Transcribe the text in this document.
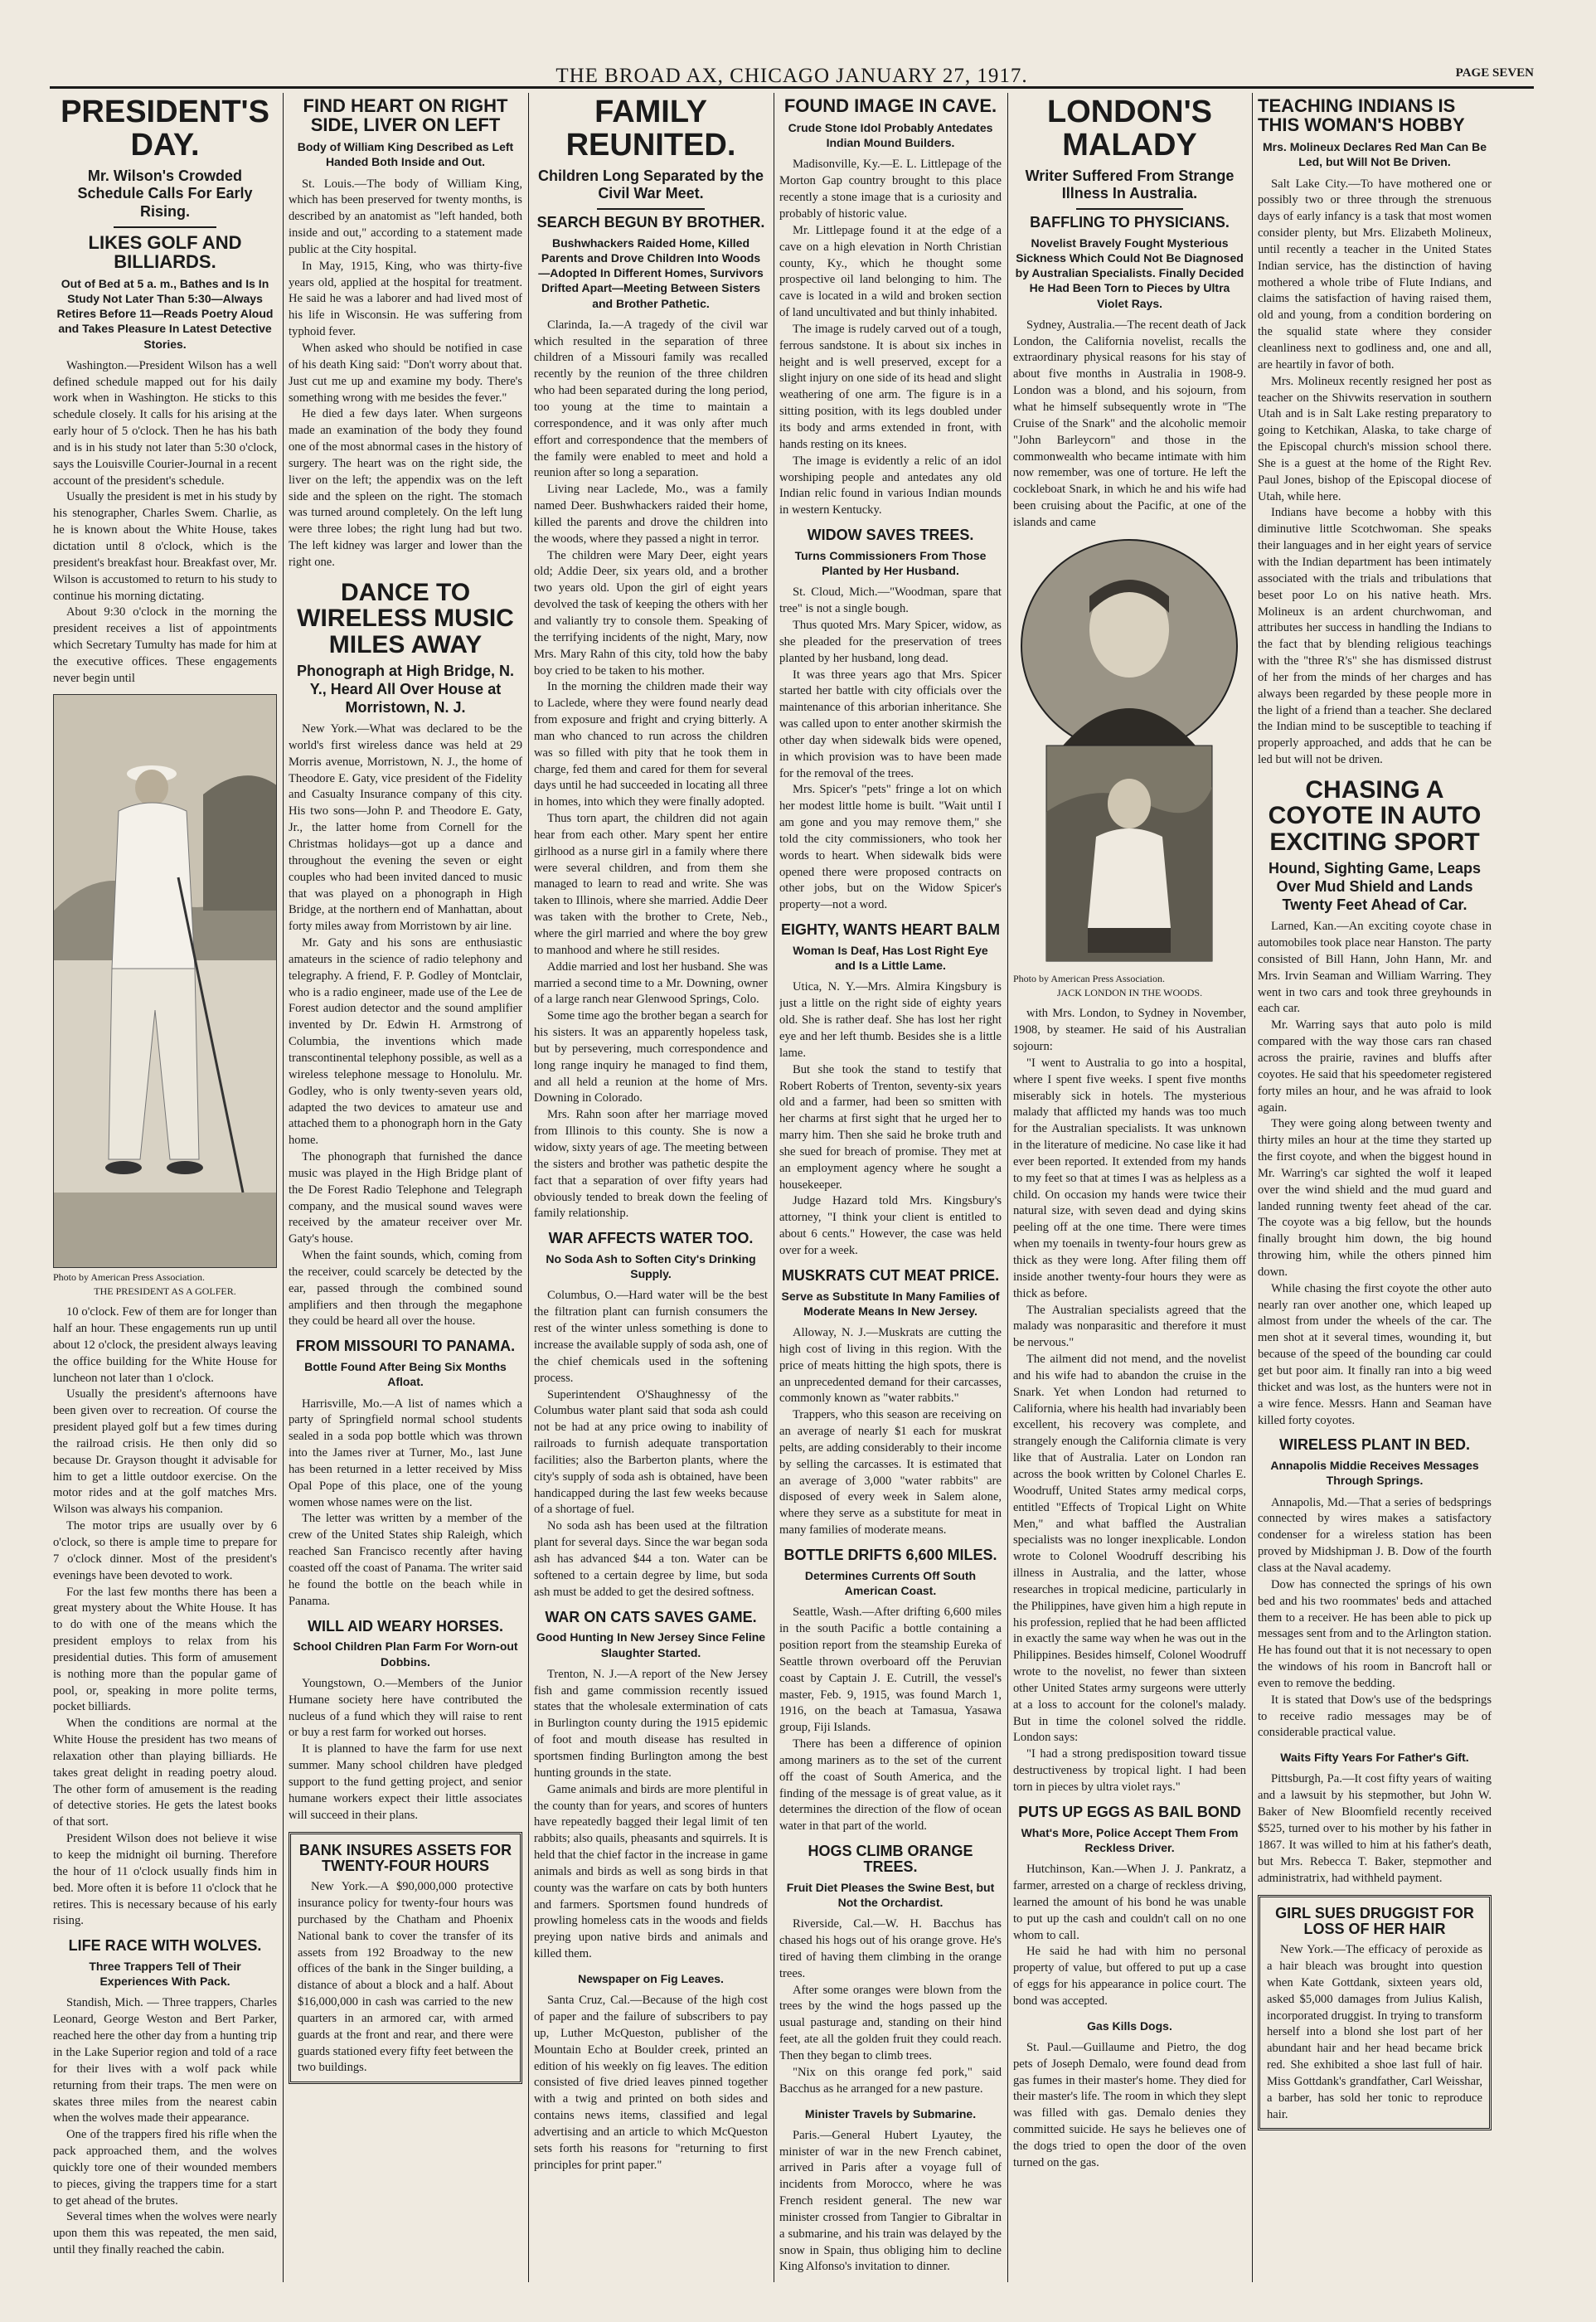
THE BROAD AX, CHICAGO JANUARY 27, 1917.	PAGE SEVEN
PRESIDENT'S DAY.
Mr. Wilson's Crowded Schedule Calls For Early Rising.
LIKES GOLF AND BILLIARDS.
Out of Bed at 5 a. m., Bathes and Is In Study Not Later Than 5:30—Always Retires Before 11—Reads Poetry Aloud and Takes Pleasure In Latest Detective Stories.

Washington.—President Wilson has a well defined schedule mapped out for his daily work when in Washington. He sticks to this schedule closely. It calls for his arising at the early hour of 5 o'clock. Then he has his bath and is in his study not later than 5:30 o'clock, says the Louisville Courier-Journal in a recent account of the president's schedule.

Usually the president is met in his study by his stenographer, Charles Swem. Charlie, as he is known about the White House, takes dictation until 8 o'clock, which is the president's breakfast hour. Breakfast over, Mr. Wilson is accustomed to return to his study to continue his morning dictating.

About 9:30 o'clock in the morning the president receives a list of appointments which Secretary Tumulty has made for him at the executive offices. These engagements never begin until

Photo by American Press Association.
THE PRESIDENT AS A GOLFER.

10 o'clock. Few of them are for longer than half an hour. These engagements run up until about 12 o'clock, the president always leaving the office building for the White House for luncheon not later than 1 o'clock.

Usually the president's afternoons have been given over to recreation. Of course the president played golf but a few times during the railroad crisis. He then only did so because Dr. Grayson thought it advisable for him to get a little outdoor exercise. On the motor rides and at the golf matches Mrs. Wilson was always his companion.

The motor trips are usually over by 6 o'clock, so there is ample time to prepare for 7 o'clock dinner. Most of the president's evenings have been devoted to work.

For the last few months there has been a great mystery about the White House. It has to do with one of the means which the president employs to relax from his presidential duties. This form of amusement is nothing more than the popular game of pool, or, speaking in more polite terms, pocket billiards.

When the conditions are normal at the White House the president has two means of relaxation other than playing billiards. He takes great delight in reading poetry aloud. The other form of amusement is the reading of detective stories. He gets the latest books of that sort.

President Wilson does not believe it wise to keep the midnight oil burning. Therefore the hour of 11 o'clock usually finds him in bed. More often it is before 11 o'clock that he retires. This is necessary because of his early rising.

LIFE RACE WITH WOLVES.
Three Trappers Tell of Their Experiences With Pack.

Standish, Mich. — Three trappers, Charles Leonard, George Weston and Bert Parker, reached here the other day from a hunting trip in the Lake Superior region and told of a race for their lives with a wolf pack while returning from their traps. The men were on skates three miles from the nearest cabin when the wolves made their appearance.

One of the trappers fired his rifle when the pack approached them, and the wolves quickly tore one of their wounded members to pieces, giving the trappers time for a start to get ahead of the brutes.

Several times when the wolves were nearly upon them this was repeated, the men said, until they finally reached the cabin.

FIND HEART ON RIGHT SIDE, LIVER ON LEFT
Body of William King Described as Left Handed Both Inside and Out.

St. Louis.—The body of William King, which has been preserved for twenty months, is described by an anatomist as "left handed, both inside and out," according to a statement made public at the City hospital.

In May, 1915, King, who was thirty-five years old, applied at the hospital for treatment. He said he was a laborer and had lived most of his life in Wisconsin. He was suffering from typhoid fever.

When asked who should be notified in case of his death King said: "Don't worry about that. Just cut me up and examine my body. There's something wrong with me besides the fever."

He died a few days later. When surgeons made an examination of the body they found one of the most abnormal cases in the history of surgery. The heart was on the right side, the liver on the left; the appendix was on the left side and the spleen on the right. The stomach was turned around completely. On the left lung were three lobes; the right lung had but two. The left kidney was larger and lower than the right one.

DANCE TO WIRELESS MUSIC MILES AWAY
Phonograph at High Bridge, N. Y., Heard All Over House at Morristown, N. J.

New York.—What was declared to be the world's first wireless dance was held at 29 Morris avenue, Morristown, N. J., the home of Theodore E. Gaty, vice president of the Fidelity and Casualty Insurance company of this city. His two sons—John P. and Theodore E. Gaty, Jr., the latter home from Cornell for the Christmas holidays—got up a dance and throughout the evening the seven or eight couples who had been invited danced to music that was played on a phonograph in High Bridge, at the northern end of Manhattan, about forty miles away from Morristown by air line.

Mr. Gaty and his sons are enthusiastic amateurs in the science of radio telephony and telegraphy. A friend, F. P. Godley of Montclair, who is a radio engineer, made use of the Lee de Forest audion detector and the sound amplifier invented by Dr. Edwin H. Armstrong of Columbia, the inventions which made transcontinental telephony possible, as well as a wireless telephone message to Honolulu. Mr. Godley, who is only twenty-seven years old, adapted the two devices to amateur use and attached them to a phonograph horn in the Gaty home.

The phonograph that furnished the dance music was played in the High Bridge plant of the De Forest Radio Telephone and Telegraph company, and the musical sound waves were received by the amateur receiver over Mr. Gaty's house.

When the faint sounds, which, coming from the receiver, could scarcely be detected by the ear, passed through the combined sound amplifiers and then through the megaphone they could be heard all over the house.

FROM MISSOURI TO PANAMA.
Bottle Found After Being Six Months Afloat.

Harrisville, Mo.—A list of names which a party of Springfield normal school students sealed in a soda pop bottle which was thrown into the James river at Turner, Mo., last June has been returned in a letter received by Miss Opal Pope of this place, one of the young women whose names were on the list.

The letter was written by a member of the crew of the United States ship Raleigh, which reached San Francisco recently after having coasted off the coast of Panama. The writer said he found the bottle on the beach while in Panama.

WILL AID WEARY HORSES.
School Children Plan Farm For Worn-out Dobbins.

Youngstown, O.—Members of the Junior Humane society here have contributed the nucleus of a fund which they will raise to rent or buy a rest farm for worked out horses.

It is planned to have the farm for use next summer. Many school children have pledged support to the fund getting project, and senior humane workers expect their little associates will succeed in their plans.

BANK INSURES ASSETS FOR TWENTY-FOUR HOURS

New York.—A $90,000,000 protective insurance policy for twenty-four hours was purchased by the Chatham and Phoenix National bank to cover the transfer of its assets from 192 Broadway to the new offices of the bank in the Singer building, a distance of about a block and a half. About $16,000,000 in cash was carried to the new quarters in an armored car, with armed guards at the front and rear, and there were guards stationed every fifty feet between the two buildings.

FAMILY REUNITED.
Children Long Separated by the Civil War Meet.
SEARCH BEGUN BY BROTHER.
Bushwhackers Raided Home, Killed Parents and Drove Children Into Woods—Adopted In Different Homes, Survivors Drifted Apart—Meeting Between Sisters and Brother Pathetic.

Clarinda, Ia.—A tragedy of the civil war which resulted in the separation of three children of a Missouri family was recalled recently by the reunion of the three children who had been separated during the long period, too young at the time to maintain a correspondence, and it was only after much effort and correspondence that the members of the family were enabled to meet and hold a reunion after so long a separation.

Living near Laclede, Mo., was a family named Deer. Bushwhackers raided their home, killed the parents and drove the children into the woods, where they passed a night in terror.

The children were Mary Deer, eight years old; Addie Deer, six years old, and a brother two years old. Upon the girl of eight years devolved the task of keeping the others with her and valiantly try to console them. Speaking of the terrifying incidents of the night, Mary, now Mrs. Mary Rahn of this city, told how the baby boy cried to be taken to his mother.

In the morning the children made their way to Laclede, where they were found nearly dead from exposure and fright and crying bitterly. A man who chanced to run across the children was so filled with pity that he took them in charge, fed them and cared for them for several days until he had succeeded in locating all three in homes, into which they were finally adopted.

Thus torn apart, the children did not again hear from each other. Mary spent her entire girlhood as a nurse girl in a family where there were several children, and from them she managed to learn to read and write. She was taken to Illinois, where she married. Addie Deer was taken with the brother to Crete, Neb., where the girl married and where the boy grew to manhood and where he still resides.

Addie married and lost her husband. She was married a second time to a Mr. Downing, owner of a large ranch near Glenwood Springs, Colo.

Some time ago the brother began a search for his sisters. It was an apparently hopeless task, but by persevering, much correspondence and long range inquiry he managed to find them, and all held a reunion at the home of Mrs. Downing in Colorado.

Mrs. Rahn soon after her marriage moved from Illinois to this county. She is now a widow, sixty years of age. The meeting between the sisters and brother was pathetic despite the fact that a separation of over fifty years had obviously tended to break down the feeling of family relationship.

WAR AFFECTS WATER TOO.
No Soda Ash to Soften City's Drinking Supply.

Columbus, O.—Hard water will be the best the filtration plant can furnish consumers the rest of the winter unless something is done to increase the available supply of soda ash, one of the chief chemicals used in the softening process.

Superintendent O'Shaughnessy of the Columbus water plant said that soda ash could not be had at any price owing to inability of railroads to furnish adequate transportation facilities; also the Barberton plants, where the city's supply of soda ash is obtained, have been handicapped during the last few weeks because of a shortage of fuel.

No soda ash has been used at the filtration plant for several days. Since the war began soda ash has advanced $44 a ton. Water can be softened to a certain degree by lime, but soda ash must be added to get the desired softness.

WAR ON CATS SAVES GAME.
Good Hunting In New Jersey Since Feline Slaughter Started.

Trenton, N. J.—A report of the New Jersey fish and game commission recently issued states that the wholesale extermination of cats in Burlington county during the 1915 epidemic of foot and mouth disease has resulted in sportsmen finding Burlington among the best hunting grounds in the state.

Game animals and birds are more plentiful in the county than for years, and scores of hunters have repeatedly bagged their legal limit of ten rabbits; also quails, pheasants and squirrels. It is held that the chief factor in the increase in game animals and birds as well as song birds in that county was the warfare on cats by both hunters and farmers. Sportsmen found hundreds of prowling homeless cats in the woods and fields preying upon native birds and animals and killed them.

Newspaper on Fig Leaves.

Santa Cruz, Cal.—Because of the high cost of paper and the failure of subscribers to pay up, Luther McQueston, publisher of the Mountain Echo at Boulder creek, printed an edition of his weekly on fig leaves. The edition consisted of five dried leaves pinned together with a twig and printed on both sides and contains news items, classified and legal advertising and an article to which McQueston sets forth his reasons for "returning to first principles for print paper."

FOUND IMAGE IN CAVE.
Crude Stone Idol Probably Antedates Indian Mound Builders.

Madisonville, Ky.—E. L. Littlepage of the Morton Gap country brought to this place recently a stone image that is a curiosity and probably of historic value.

Mr. Littlepage found it at the edge of a cave on a high elevation in North Christian county, Ky., which he thought some prospective oil land belonging to him. The cave is located in a wild and broken section of land uncultivated and but thinly inhabited.

The image is rudely carved out of a tough, ferrous sandstone. It is about six inches in height and is well preserved, except for a slight injury on one side of its head and slight weathering of one arm. The figure is in a sitting position, with its legs doubled under its body and arms extended in front, with hands resting on its knees.

The image is evidently a relic of an idol worshiping people and antedates any old Indian relic found in various Indian mounds in western Kentucky.

WIDOW SAVES TREES.
Turns Commissioners From Those Planted by Her Husband.

St. Cloud, Mich.—"Woodman, spare that tree" is not a single bough.

Thus quoted Mrs. Mary Spicer, widow, as she pleaded for the preservation of trees planted by her husband, long dead.

It was three years ago that Mrs. Spicer started her battle with city officials over the maintenance of this arborian inheritance. She was called upon to enter another skirmish the other day when sidewalk bids were opened, in which provision was to have been made for the removal of the trees.

Mrs. Spicer's "pets" fringe a lot on which her modest little home is built. "Wait until I am gone and you may remove them," she told the city commissioners, who took her words to heart. When sidewalk bids were opened there were proposed contracts on other jobs, but on the Widow Spicer's property—not a word.

EIGHTY, WANTS HEART BALM
Woman Is Deaf, Has Lost Right Eye and Is a Little Lame.

Utica, N. Y.—Mrs. Almira Kingsbury is just a little on the right side of eighty years old. She is rather deaf. She has lost her right eye and her left thumb. Besides she is a little lame.

But she took the stand to testify that Robert Roberts of Trenton, seventy-six years old and a farmer, had been so smitten with her charms at first sight that he urged her to marry him. Then she said he broke truth and she sued for breach of promise. They met at an employment agency where he sought a housekeeper.

Judge Hazard told Mrs. Kingsbury's attorney, "I think your client is entitled to about 6 cents." However, the case was held over for a week.

MUSKRATS CUT MEAT PRICE.
Serve as Substitute In Many Families of Moderate Means In New Jersey.

Alloway, N. J.—Muskrats are cutting the high cost of living in this region. With the price of meats hitting the high spots, there is an unprecedented demand for their carcasses, commonly known as "water rabbits."

Trappers, who this season are receiving on an average of nearly $1 each for muskrat pelts, are adding considerably to their income by selling the carcasses. It is estimated that an average of 3,000 "water rabbits" are disposed of every week in Salem alone, where they serve as a substitute for meat in many families of moderate means.

BOTTLE DRIFTS 6,600 MILES.
Determines Currents Off South American Coast.

Seattle, Wash.—After drifting 6,600 miles in the south Pacific a bottle containing a position report from the steamship Eureka of Seattle thrown overboard off the Peruvian coast by Captain J. E. Cutrill, the vessel's master, Feb. 9, 1915, was found March 1, 1916, on the beach at Tamasua, Yasawa group, Fiji Islands.

There has been a difference of opinion among mariners as to the set of the current off the coast of South America, and the finding of the message is of great value, as it determines the direction of the flow of ocean water in that part of the world.

HOGS CLIMB ORANGE TREES.
Fruit Diet Pleases the Swine Best, but Not the Orchardist.

Riverside, Cal.—W. H. Bacchus has chased his hogs out of his orange grove. He's tired of having them climbing in the orange trees.

After some oranges were blown from the trees by the wind the hogs passed up the usual pasturage and, standing on their hind feet, ate all the golden fruit they could reach. Then they began to climb trees.

"Nix on this orange fed pork," said Bacchus as he arranged for a new pasture.

Minister Travels by Submarine.

Paris.—General Hubert Lyautey, the minister of war in the new French cabinet, arrived in Paris after a voyage full of incidents from Morocco, where he was French resident general. The new war minister crossed from Tangier to Gibraltar in a submarine, and his train was delayed by the snow in Spain, thus obliging him to decline King Alfonso's invitation to dinner.

LONDON'S MALADY
Writer Suffered From Strange Illness In Australia.
BAFFLING TO PHYSICIANS.
Novelist Bravely Fought Mysterious Sickness Which Could Not Be Diagnosed by Australian Specialists. Finally Decided He Had Been Torn to Pieces by Ultra Violet Rays.

Sydney, Australia.—The recent death of Jack London, the California novelist, recalls the extraordinary physical reasons for his stay of about five months in Australia in 1908-9. London was a blond, and his sojourn, from what he himself subsequently wrote in "The Cruise of the Snark" and the alcoholic memoir "John Barleycorn" and those in the commonwealth who became intimate with him now remember, was one of torture. He left the cockleboat Snark, in which he and his wife had been cruising about the Pacific, at one of the islands and came

Photo by American Press Association.
JACK LONDON IN THE WOODS.

with Mrs. London, to Sydney in November, 1908, by steamer. He said of his Australian sojourn:

"I went to Australia to go into a hospital, where I spent five weeks. I spent five months miserably sick in hotels. The mysterious malady that afflicted my hands was too much for the Australian specialists. It was unknown in the literature of medicine. No case like it had ever been reported. It extended from my hands to my feet so that at times I was as helpless as a child. On occasion my hands were twice their natural size, with seven dead and dying skins peeling off at the one time. There were times when my toenails in twenty-four hours grew as thick as they were long. After filing them off inside another twenty-four hours they were as thick as before.

The Australian specialists agreed that the malady was nonparasitic and therefore it must be nervous."

The ailment did not mend, and the novelist and his wife had to abandon the cruise in the Snark. Yet when London had returned to California, where his health had invariably been excellent, his recovery was complete, and strangely enough the California climate is very like that of Australia. Later on London ran across the book written by Colonel Charles E. Woodruff, United States army medical corps, entitled "Effects of Tropical Light on White Men," and what baffled the Australian specialists was no longer inexplicable. London wrote to Colonel Woodruff describing his illness in Australia, and the latter, whose researches in tropical medicine, particularly in the Philippines, have given him a high repute in his profession, replied that he had been afflicted in exactly the same way when he was out in the Philippines. Besides himself, Colonel Woodruff wrote to the novelist, no fewer than sixteen other United States army surgeons were utterly at a loss to account for the colonel's malady. But in time the colonel solved the riddle. London says:

"I had a strong predisposition toward tissue destructiveness by tropical light. I had been torn in pieces by ultra violet rays."

PUTS UP EGGS AS BAIL BOND
What's More, Police Accept Them From Reckless Driver.

Hutchinson, Kan.—When J. J. Pankratz, a farmer, arrested on a charge of reckless driving, learned the amount of his bond he was unable to put up the cash and couldn't call on no one whom to call.

He said he had with him no personal property of value, but offered to put up a case of eggs for his appearance in police court. The bond was accepted.

Gas Kills Dogs.

St. Paul.—Guillaume and Pietro, the dog pets of Joseph Demalo, were found dead from gas fumes in their master's home. They died for their master's life. The room in which they slept was filled with gas. Demalo denies they committed suicide. He says he believes one of the dogs tried to open the door of the oven turned on the gas.

TEACHING INDIANS IS THIS WOMAN'S HOBBY
Mrs. Molineux Declares Red Man Can Be Led, but Will Not Be Driven.

Salt Lake City.—To have mothered one or possibly two or three through the strenuous days of early infancy is a task that most women consider plenty, but Mrs. Elizabeth Molineux, until recently a teacher in the United States Indian service, has the distinction of having mothered a whole tribe of Flute Indians, and claims the satisfaction of having raised them, old and young, from a condition bordering on the squalid state where they consider cleanliness next to godliness and, one and all, are heartily in favor of both.

Mrs. Molineux recently resigned her post as teacher on the Shivwits reservation in southern Utah and is in Salt Lake resting preparatory to going to Ketchikan, Alaska, to take charge of the Episcopal church's mission school there. She is a guest at the home of the Right Rev. Paul Jones, bishop of the Episcopal diocese of Utah, while here.

Indians have become a hobby with this diminutive little Scotchwoman. She speaks their languages and in her eight years of service with the Indian department has been intimately associated with the trials and tribulations that beset poor Lo on his native heath. Mrs. Molineux is an ardent churchwoman, and attributes her success in handling the Indians to the fact that by blending religious teachings with the "three R's" she has dismissed distrust of her from the minds of her charges and has always been regarded by these people more in the light of a friend than a teacher. She declared the Indian mind to be susceptible to teaching if properly approached, and adds that he can be led but will not be driven.

CHASING A COYOTE IN AUTO EXCITING SPORT
Hound, Sighting Game, Leaps Over Mud Shield and Lands Twenty Feet Ahead of Car.

Larned, Kan.—An exciting coyote chase in automobiles took place near Hanston. The party consisted of Bill Hann, John Hann, Mr. and Mrs. Irvin Seaman and William Warring. They went in two cars and took three greyhounds in each car.

Mr. Warring says that auto polo is mild compared with the way those cars ran chased across the prairie, ravines and bluffs after coyotes. He said that his speedometer registered forty miles an hour, and he was afraid to look again.

They were going along between twenty and thirty miles an hour at the time they started up the first coyote, and when the biggest hound in Mr. Warring's car sighted the wolf it leaped over the wind shield and the mud guard and landed running twenty feet ahead of the car. The coyote was a big fellow, but the hounds finally brought him down, the big hound throwing him, while the others pinned him down.

While chasing the first coyote the other auto nearly ran over another one, which leaped up almost from under the wheels of the car. The men shot at it several times, wounding it, but because of the speed of the bounding car could get but poor aim. It finally ran into a big weed thicket and was lost, as the hunters were not in a wire fence. Messrs. Hann and Seaman have killed forty coyotes.

WIRELESS PLANT IN BED.
Annapolis Middie Receives Messages Through Springs.

Annapolis, Md.—That a series of bedsprings connected by wires makes a satisfactory condenser for a wireless station has been proved by Midshipman J. B. Dow of the fourth class at the Naval academy.

Dow has connected the springs of his own bed and his two roommates' beds and attached them to a receiver. He has been able to pick up messages sent from and to the Arlington station. He has found out that it is not necessary to open the windows of his room in Bancroft hall or even to remove the bedding.

It is stated that Dow's use of the bedsprings to receive radio messages may be of considerable practical value.

Waits Fifty Years For Father's Gift.

Pittsburgh, Pa.—It cost fifty years of waiting and a lawsuit by his stepmother, but John W. Baker of New Bloomfield recently received $525, turned over to his mother by his father in 1867. It was willed to him at his father's death, but Mrs. Rebecca T. Baker, stepmother and administratrix, had withheld payment.

GIRL SUES DRUGGIST FOR LOSS OF HER HAIR

New York.—The efficacy of peroxide as a hair bleach was brought into question when Kate Gottdank, sixteen years old, asked $5,000 damages from Julius Kalish, incorporated druggist. In trying to transform herself into a blond she lost part of her abundant hair and her head became brick red. She exhibited a shoe last full of hair. Miss Gottdank's grandfather, Carl Weisshar, a barber, has sold her tonic to reproduce hair.
